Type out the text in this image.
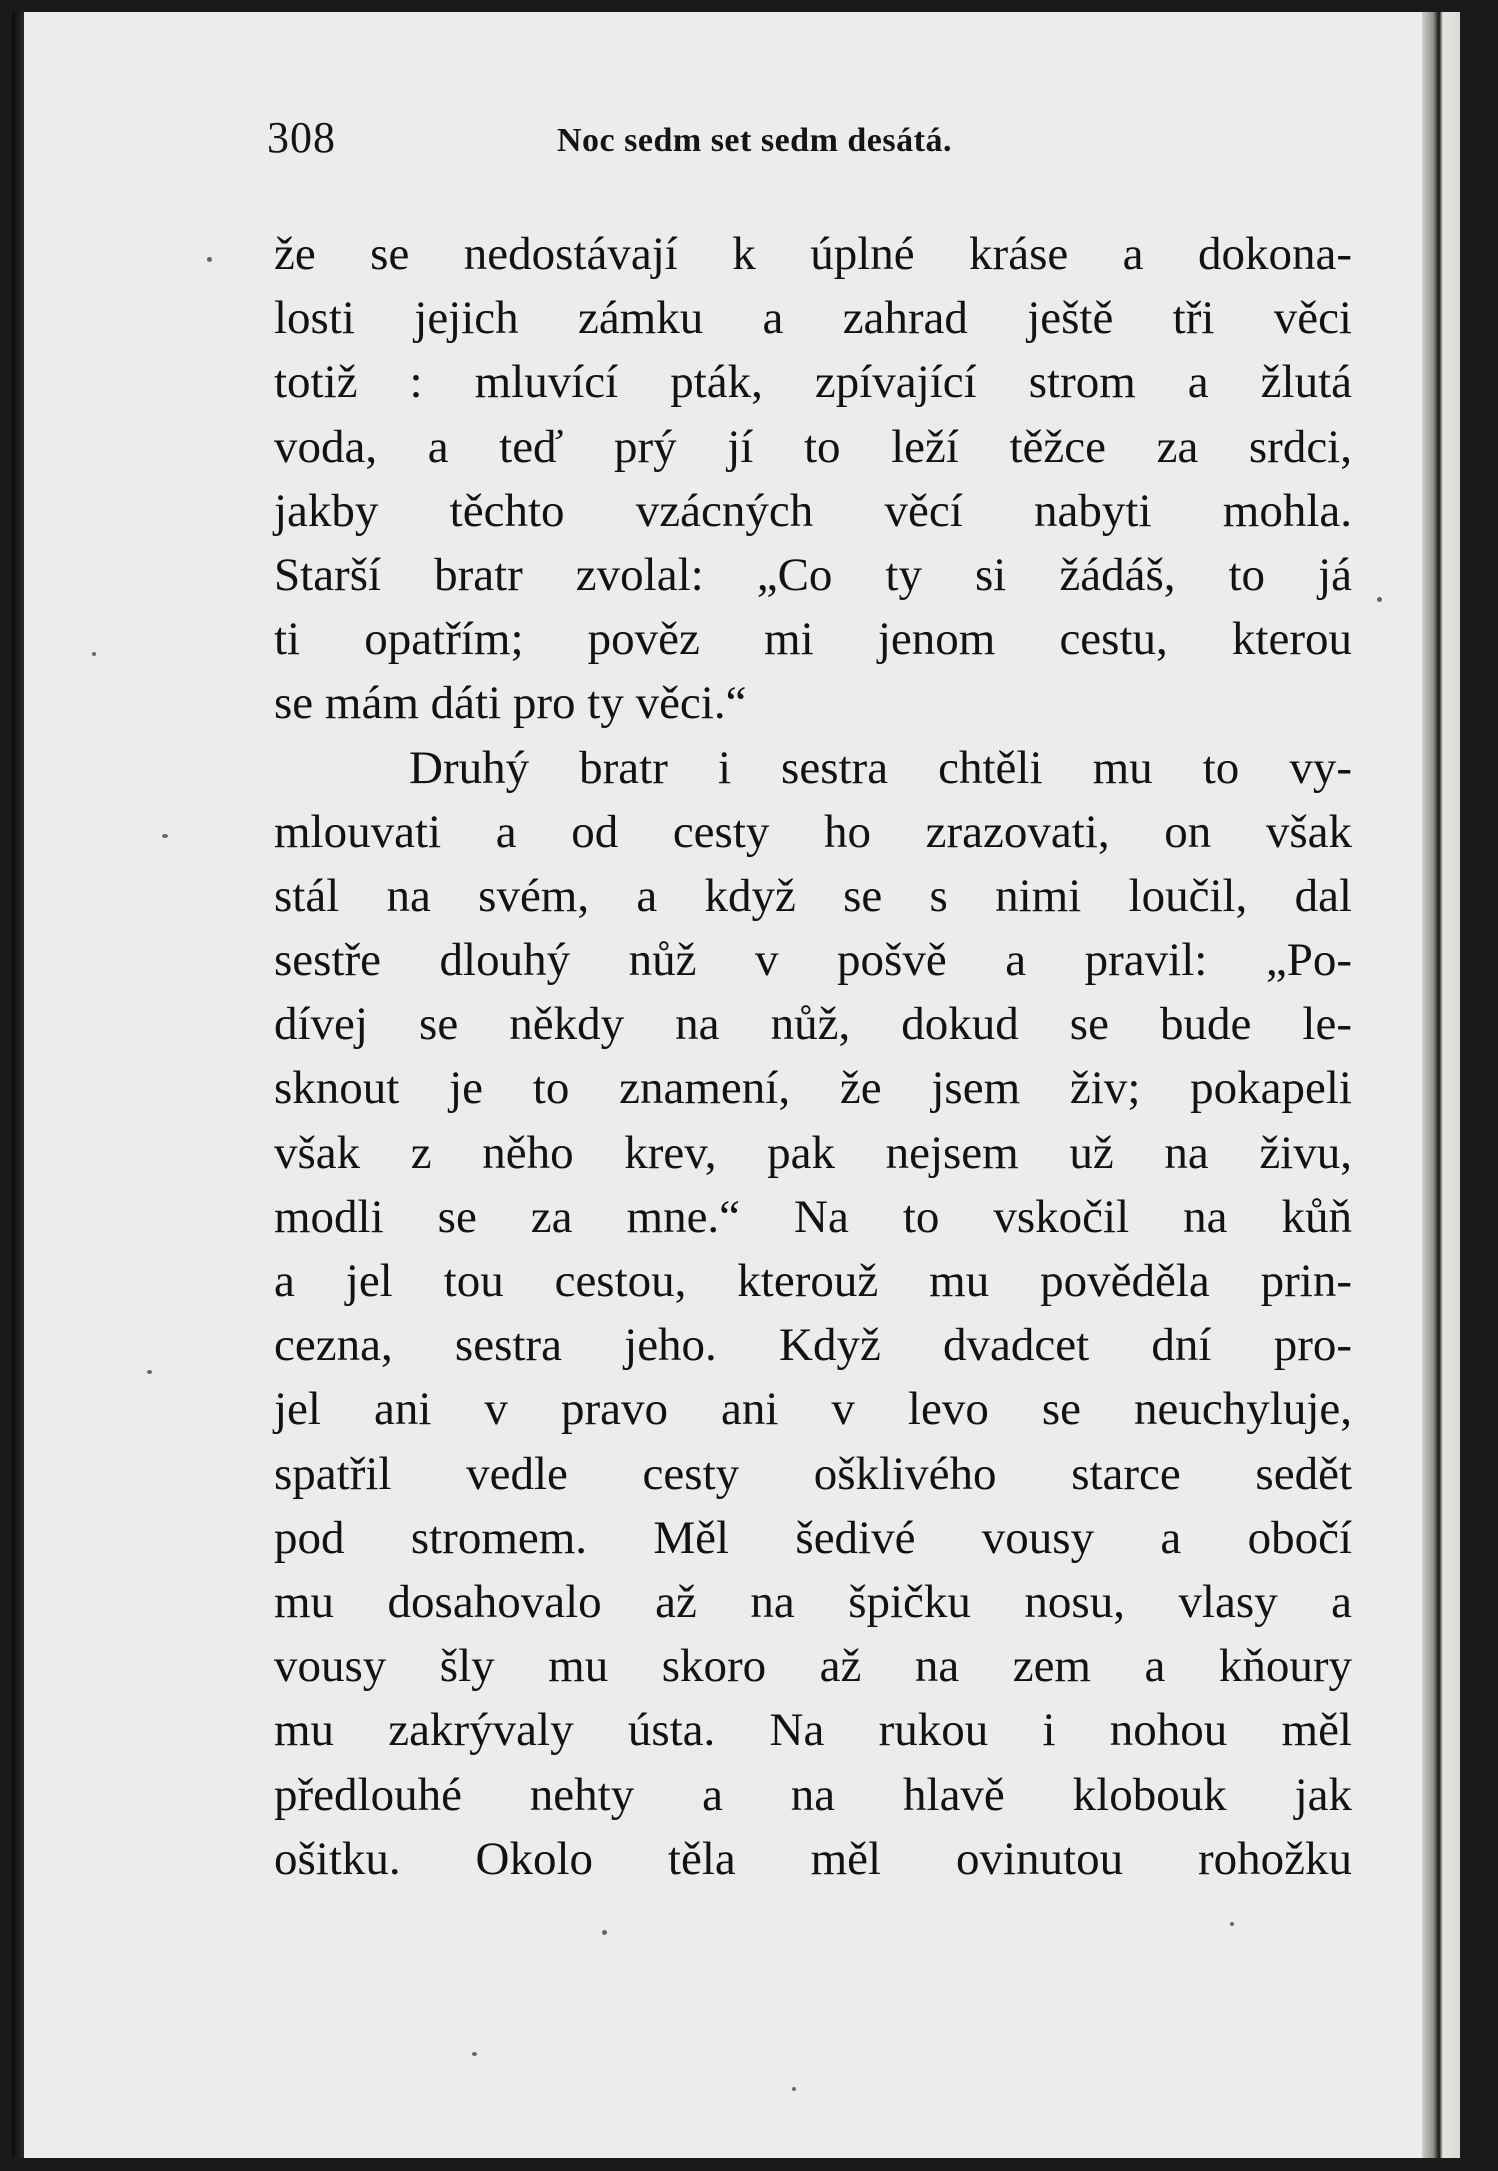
308	Noc sedm set sedm desátá.
že se nedostávají k úplné kráse a dokona-
losti jejich zámku a zahrad ještě tři věci
totiž : mluvící pták, zpívající strom a žlutá
voda, a teď prý jí to leží těžce za srdci,
jakby těchto vzácných věcí nabyti mohla.
Starší bratr zvolal: „Co ty si žádáš, to já
ti opatřím; pověz mi jenom cestu, kterou
se mám dáti pro ty věci.“
Druhý bratr i sestra chtěli mu to vy-
mlouvati a od cesty ho zrazovati, on však
stál na svém, a když se s nimi loučil, dal
sestře dlouhý nůž v pošvě a pravil: „Po-
dívej se někdy na nůž, dokud se bude le-
sknout je to znamení, že jsem živ; pokapeli
však z něho krev, pak nejsem už na živu,
modli se za mne.“ Na to vskočil na kůň
a jel tou cestou, kterouž mu pověděla prin-
cezna, sestra jeho. Když dvadcet dní pro-
jel ani v pravo ani v levo se neuchyluje,
spatřil vedle cesty ošklivého starce sedět
pod stromem. Měl šedivé vousy a obočí
mu dosahovalo až na špičku nosu, vlasy a
vousy šly mu skoro až na zem a kňoury
mu zakrývaly ústa. Na rukou i nohou měl
předlouhé nehty a na hlavě klobouk jak
ošitku. Okolo těla měl ovinutou rohožku
